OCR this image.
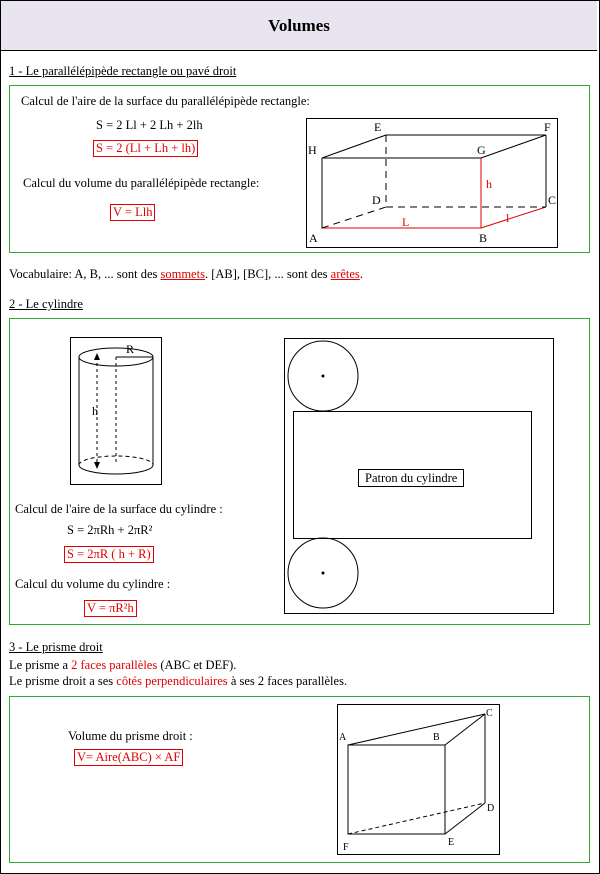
Volumes
1 - Le parallélépipède rectangle ou pavé droit
Calcul de l'aire de la surface du parallélépipède rectangle:
S = 2 Ll + 2 Lh + 2lh
S = 2 (Ll + Lh + lh)
Calcul du volume du parallélépipède rectangle:
V = Llh
A	B
C
D
E	F
G
H
L	l
h
Vocabulaire: A, B, ... sont des sommets. [AB], [BC], ... sont des arêtes.
2 - Le cylindre
R
h
Calcul de l'aire de la surface du cylindre :
S = 2πRh + 2πR²
S = 2πR ( h + R)
Calcul du volume du cylindre :
V = πR²h
Patron du cylindre
3 - Le prisme droit
Le prisme a 2 faces parallèles (ABC et DEF).
Le prisme droit a ses côtés perpendiculaires à ses 2 faces parallèles.
Volume du prisme droit :
V= Aire(ABC) × AF
A	B
C
D
E
F
